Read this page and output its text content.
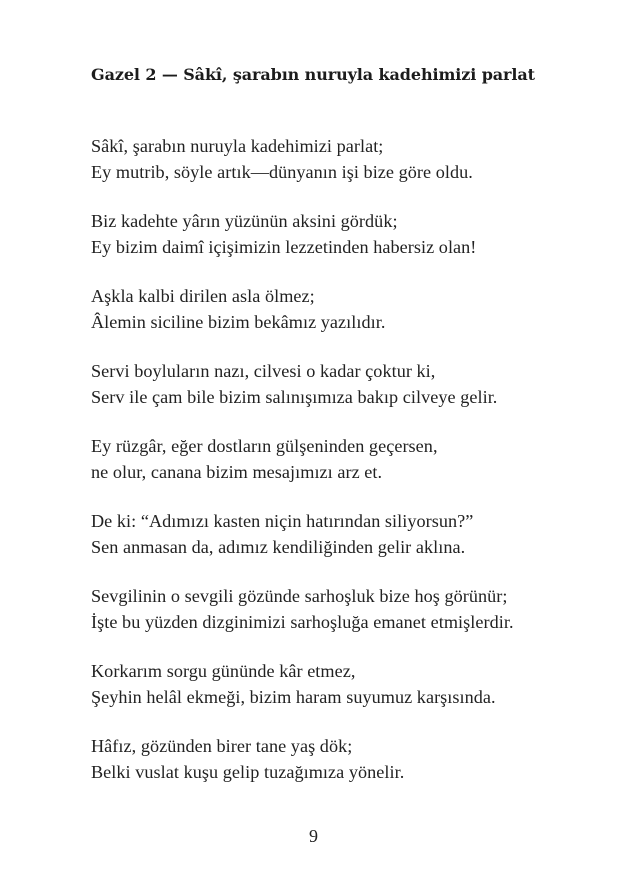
Gazel 2 — Sâkî, şarabın nuruyla kadehimizi parlat
Sâkî, şarabın nuruyla kadehimizi parlat;
Ey mutrib, söyle artık—dünyanın işi bize göre oldu.
Biz kadehte yârın yüzünün aksini gördük;
Ey bizim daimî içişimizin lezzetinden habersiz olan!
Aşkla kalbi dirilen asla ölmez;
Âlemin siciline bizim bekâmız yazılıdır.
Servi boyluların nazı, cilvesi o kadar çoktur ki,
Serv ile çam bile bizim salınışımıza bakıp cilveye gelir.
Ey rüzgâr, eğer dostların gülşeninden geçersen,
ne olur, canana bizim mesajımızı arz et.
De ki: “Adımızı kasten niçin hatırından siliyorsun?”
Sen anmasan da, adımız kendiliğinden gelir aklına.
Sevgilinin o sevgili gözünde sarhoşluk bize hoş görünür;
İşte bu yüzden dizginimizi sarhoşluğa emanet etmişlerdir.
Korkarım sorgu gününde kâr etmez,
Şeyhin helâl ekmeği, bizim haram suyumuz karşısında.
Hâfız, gözünden birer tane yaş dök;
Belki vuslat kuşu gelip tuzağımıza yönelir.
9
